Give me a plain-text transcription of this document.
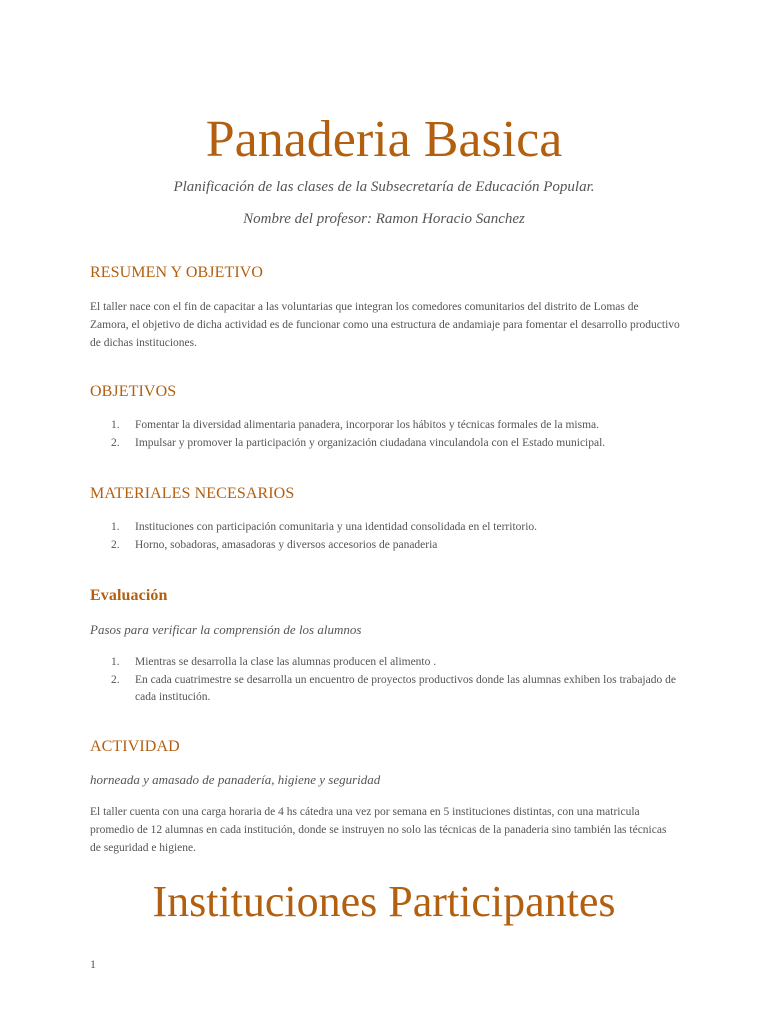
Panaderia Basica

Planificación de las clases de la Subsecretaría de Educación Popular.

Nombre del profesor: Ramon Horacio Sanchez

RESUMEN Y OBJETIVO

El taller nace con el fin de capacitar a las voluntarias que integran los comedores comunitarios del distrito de Lomas de Zamora, el objetivo de dicha actividad es de funcionar como una estructura de andamiaje para fomentar el desarrollo productivo de dichas instituciones.

OBJETIVOS
1. Fomentar la diversidad alimentaria panadera, incorporar los hábitos y técnicas formales de la misma.
2. Impulsar y promover la participación y organización ciudadana vinculandola con el Estado municipal.
MATERIALES NECESARIOS
1. Instituciones con participación comunitaria y una identidad consolidada en el territorio.
2. Horno, sobadoras, amasadoras y diversos accesorios de panaderia
Evaluación

Pasos para verificar la comprensión de los alumnos

1. Mientras se desarrolla la clase las alumnas producen el alimento .
2. En cada cuatrimestre se desarrolla un encuentro de proyectos productivos donde las alumnas exhiben los trabajado de cada institución.
ACTIVIDAD

horneada y amasado de panadería, higiene y seguridad

El taller cuenta con una carga horaria de 4 hs cátedra una vez por semana en 5 instituciones distintas, con una matricula promedio de 12 alumnas en cada institución, donde se instruyen no solo las técnicas de la panaderia sino también las técnicas de seguridad e higiene.

Instituciones Participantes

1
